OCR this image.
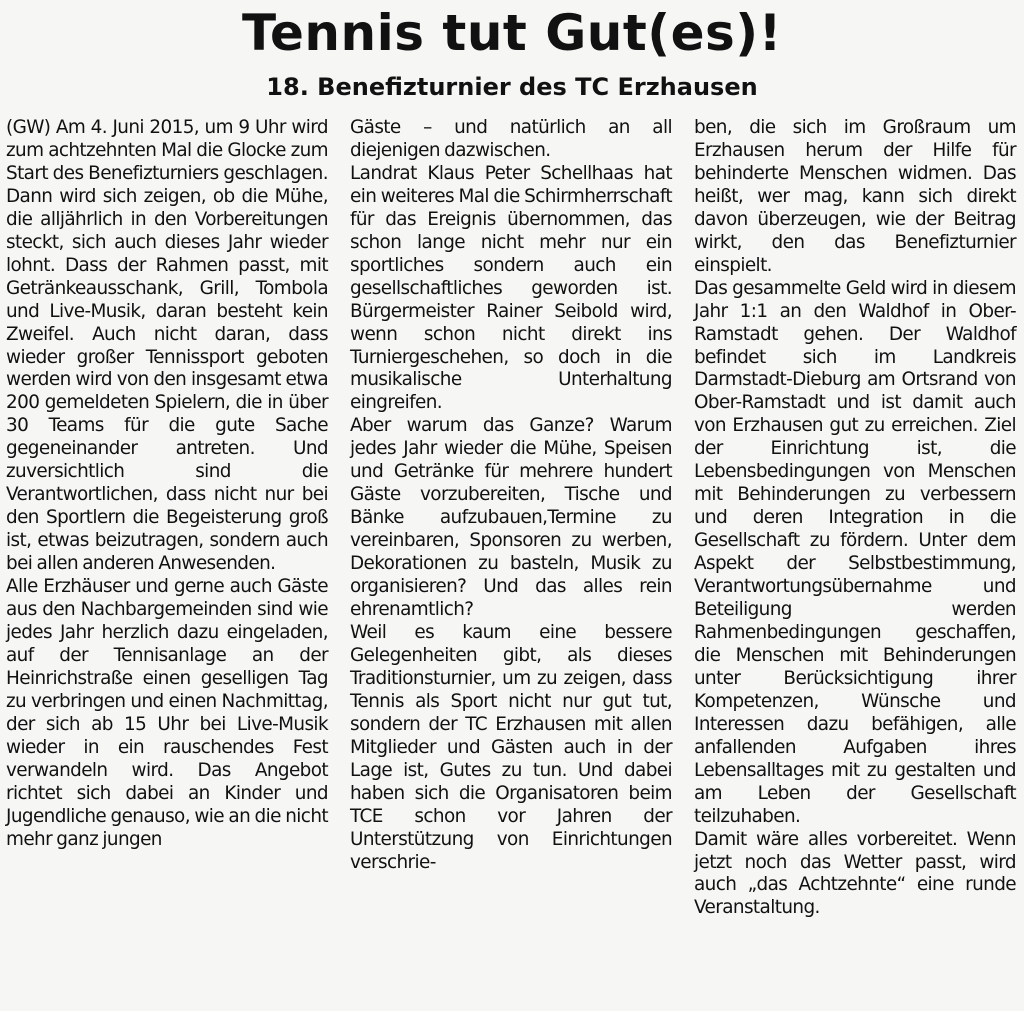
Tennis tut Gut(es)!
18. Benefizturnier des TC Erzhausen

(GW) Am 4. Juni 2015, um 9 Uhr wird zum achtzehnten Mal die Glocke zum Start des Benefizturniers geschlagen. Dann wird sich zeigen, ob die Mühe, die alljährlich in den Vorbereitungen steckt, sich auch dieses Jahr wieder lohnt. Dass der Rahmen passt, mit Getränkeausschank, Grill, Tombola und Live-Musik, daran besteht kein Zweifel. Auch nicht daran, dass wieder großer Tennissport geboten werden wird von den insgesamt etwa 200 gemeldeten Spielern, die in über 30 Teams für die gute Sache gegeneinander antreten. Und zuversichtlich sind die Verantwortlichen, dass nicht nur bei den Sportlern die Begeisterung groß ist, etwas beizutragen, sondern auch bei allen anderen Anwesenden.

Alle Erzhäuser und gerne auch Gäste aus den Nachbargemeinden sind wie jedes Jahr herzlich dazu eingeladen, auf der Tennisanlage an der Heinrichstraße einen geselligen Tag zu verbringen und einen Nachmittag, der sich ab 15 Uhr bei Live-Musik wieder in ein rauschendes Fest verwandeln wird. Das Angebot richtet sich dabei an Kinder und Jugendliche genauso, wie an die nicht mehr ganz jungen

Gäste – und natürlich an all diejenigen dazwischen.

Landrat Klaus Peter Schellhaas hat ein weiteres Mal die Schirmherrschaft für das Ereignis übernommen, das schon lange nicht mehr nur ein sportliches sondern auch ein gesellschaftliches geworden ist. Bürgermeister Rainer Seibold wird, wenn schon nicht direkt ins Turniergeschehen, so doch in die musikalische Unterhaltung eingreifen.

Aber warum das Ganze? Warum jedes Jahr wieder die Mühe, Speisen und Getränke für mehrere hundert Gäste vorzubereiten, Tische und Bänke aufzubauen,Termine zu vereinbaren, Sponsoren zu werben, Dekorationen zu basteln, Musik zu organisieren? Und das alles rein ehrenamtlich?

Weil es kaum eine bessere Gelegenheiten gibt, als dieses Traditionsturnier, um zu zeigen, dass Tennis als Sport nicht nur gut tut, sondern der TC Erzhausen mit allen Mitglieder und Gästen auch in der Lage ist, Gutes zu tun. Und dabei haben sich die Organisatoren beim TCE schon vor Jahren der Unterstützung von Einrichtungen verschrie-

ben, die sich im Großraum um Erzhausen herum der Hilfe für behinderte Menschen widmen. Das heißt, wer mag, kann sich direkt davon überzeugen, wie der Beitrag wirkt, den das Benefizturnier einspielt.

Das gesammelte Geld wird in diesem Jahr 1:1 an den Waldhof in Ober-Ramstadt gehen. Der Waldhof befindet sich im Landkreis Darmstadt-Dieburg am Ortsrand von Ober-Ramstadt und ist damit auch von Erzhausen gut zu erreichen. Ziel der Einrichtung ist, die Lebensbedingungen von Menschen mit Behinderungen zu verbessern und deren Integration in die Gesellschaft zu fördern. Unter dem Aspekt der Selbstbestimmung, Verantwortungsübernahme und Beteiligung werden Rahmenbedingungen geschaffen, die Menschen mit Behinderungen unter Berücksichtigung ihrer Kompetenzen, Wünsche und Interessen dazu befähigen, alle anfallenden Aufgaben ihres Lebensalltages mit zu gestalten und am Leben der Gesellschaft teilzuhaben.

Damit wäre alles vorbereitet. Wenn jetzt noch das Wetter passt, wird auch „das Achtzehnte“ eine runde Veranstaltung.
